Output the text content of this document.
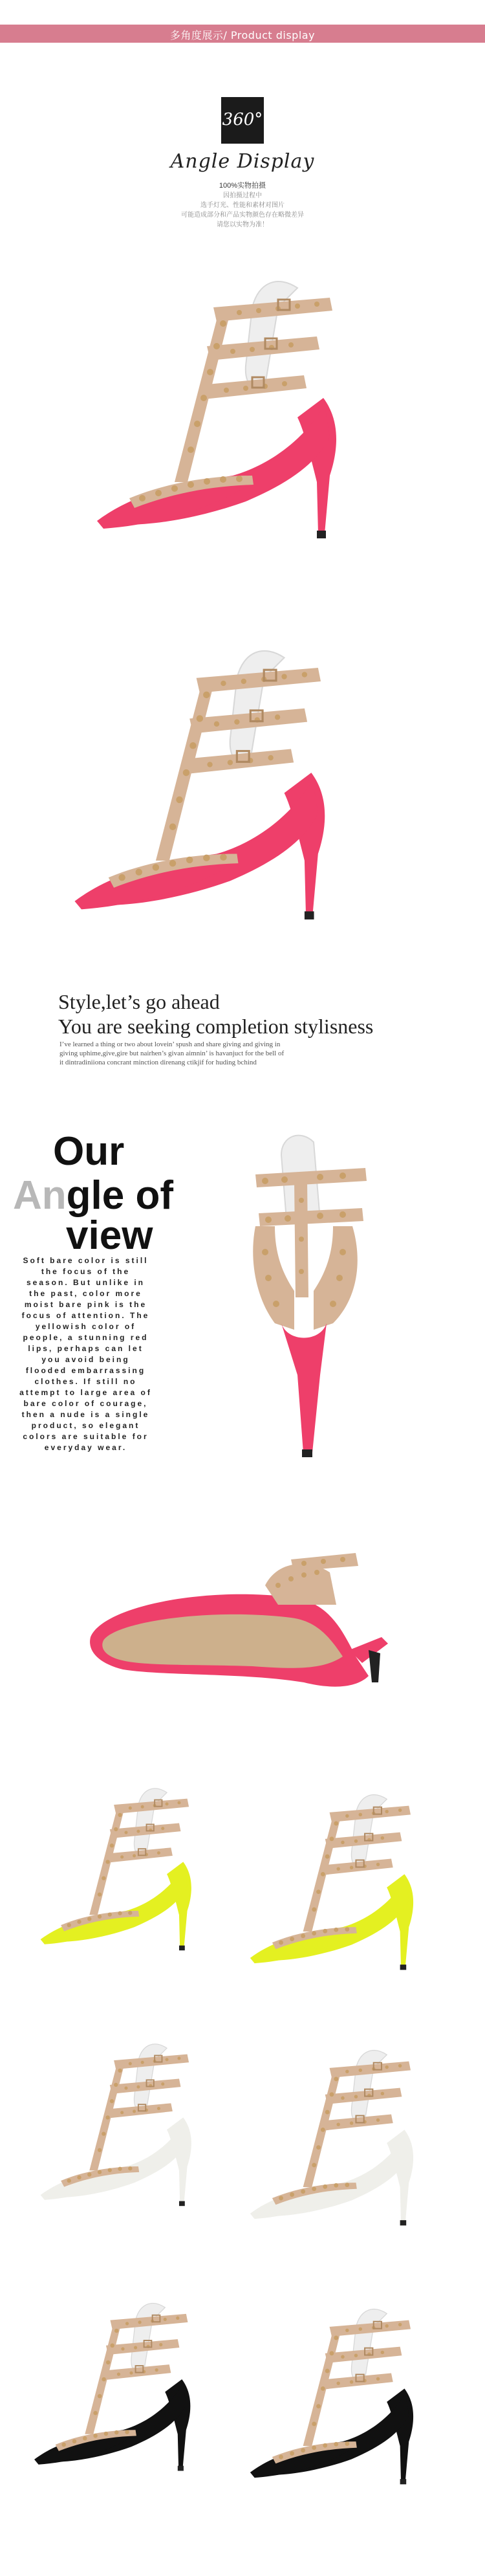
多角度展示/ Product display
360°
Angle Display
100%实物拍摄
因拍摄过程中
选手灯光、性能和素材对图片
可能造成部分和产品实物颜色存在略微差异
请您以实物为准！
Style,let’s go ahead
You are seeking completion stylisness
I’ve learned a thing or two about lovein’ spush and share giving and giving in
giving uphime,give,gire but nairhen’s givan aimnin’ is havanjuct for the bell of
it dintradiniiona concrant minction direnang ctikjif for huding bchind
Our
Angle of
view
Soft bare color is still the focus of the season. But unlike in the past, color more moist bare pink is the focus of attention. The yellowish color of people, a stunning red lips, perhaps can let you avoid being flooded embarrassing clothes. If still no attempt to large area of bare color of courage, then a nude is a single product, so elegant colors are suitable for everyday wear.
